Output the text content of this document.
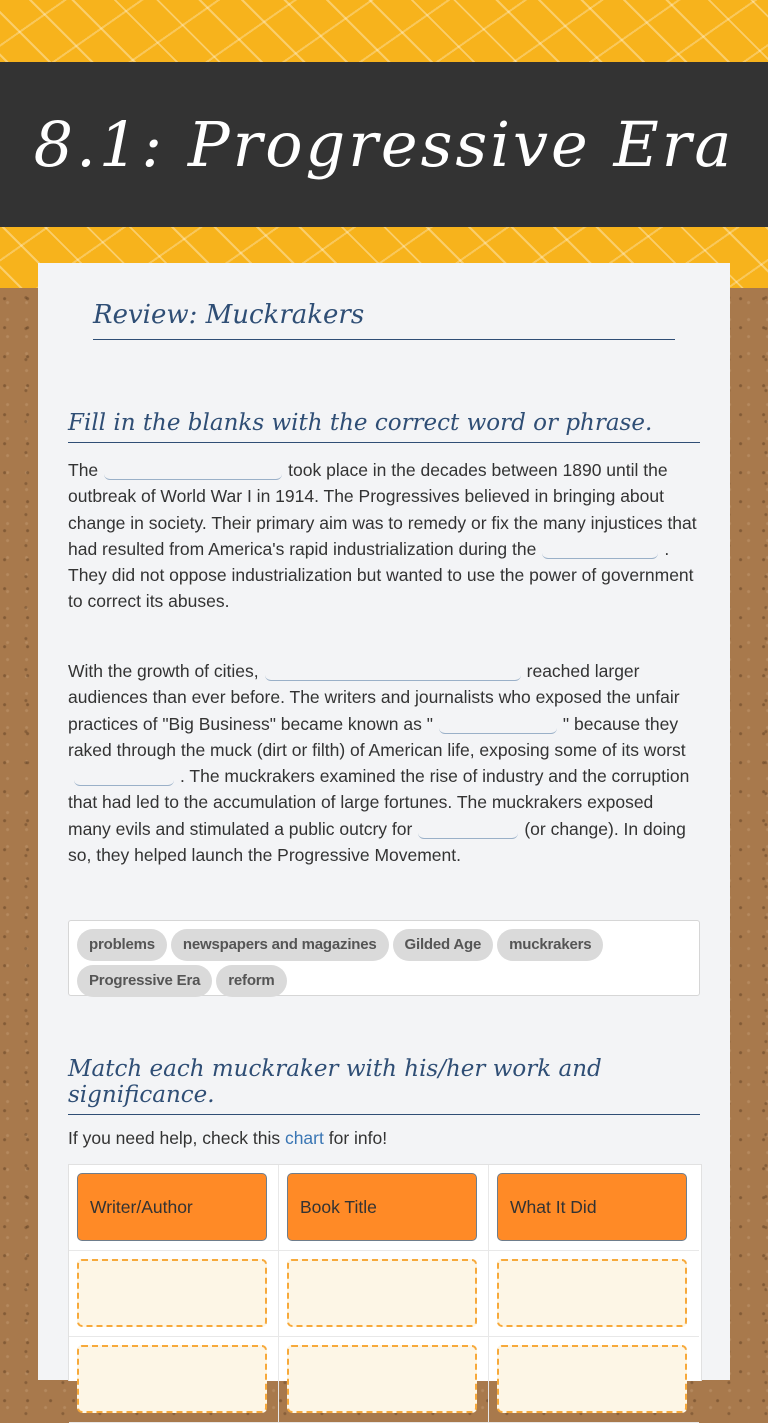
8.1: Progressive Era
Review: Muckrakers
Fill in the blanks with the correct word or phrase.

The	took place in the decades between 1890 until the outbreak of World War I in 1914. The Progressives believed in bringing about change in society. Their primary aim was to remedy or fix the many injustices that had resulted from America's rapid industrialization during the	. They did not oppose industrialization but wanted to use the power of government to correct its abuses.

With the growth of cities,	reached larger audiences than ever before. The writers and journalists who exposed the unfair practices of "Big Business" became known as "	" because they raked through the muck (dirt or filth) of American life, exposing some of its worst. The muckrakers examined the rise of industry and the corruption that had led to the accumulation of large fortunes. The muckrakers exposed many evils and stimulated a public outcry for	(or change). In doing so, they helped launch the Progressive Movement.

problems newspapers and magazines Gilded Age muckrakersProgressive Era reform
Match each muckraker with his/her work and significance.

If you need help, check this chart for info!

Writer/Author	Book Title	What It Did
